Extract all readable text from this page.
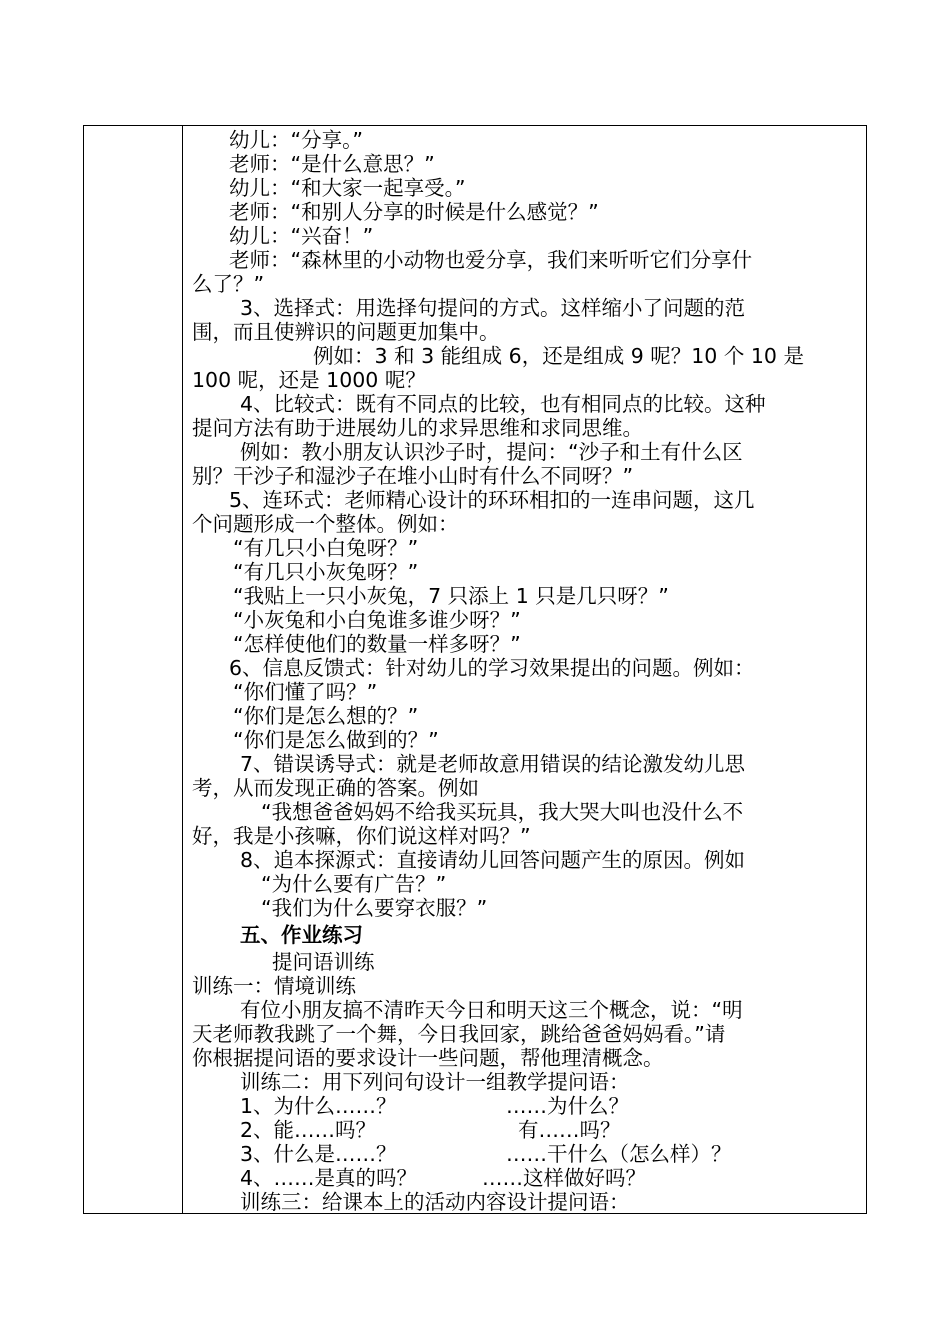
幼儿：“分享。”
老师：“是什么意思？”
幼儿：“和大家一起享受。”
老师：“和别人分享的时候是什么感觉？”
幼儿：“兴奋！”
老师：“森林里的小动物也爱分享，我们来听听它们分享什
么了？”
3、选择式：用选择句提问的方式。这样缩小了问题的范
围，而且使辨识的问题更加集中。
例如：3 和 3 能组成 6，还是组成 9 呢？10 个 10 是
100 呢，还是 1000 呢？
4、比较式：既有不同点的比较，也有相同点的比较。这种
提问方法有助于进展幼儿的求异思维和求同思维。
例如：教小朋友认识沙子时，提问：“沙子和土有什么区
别？干沙子和湿沙子在堆小山时有什么不同呀？”
5、连环式：老师精心设计的环环相扣的一连串问题，这几
个问题形成一个整体。例如：
“有几只小白兔呀？”
“有几只小灰兔呀？”
“我贴上一只小灰兔，7 只添上 1 只是几只呀？”
“小灰兔和小白兔谁多谁少呀？”
“怎样使他们的数量一样多呀？”
6、信息反馈式：针对幼儿的学习效果提出的问题。例如：
“你们懂了吗？”
“你们是怎么想的？”
“你们是怎么做到的？”
7、错误诱导式：就是老师故意用错误的结论激发幼儿思
考，从而发现正确的答案。例如
“我想爸爸妈妈不给我买玩具，我大哭大叫也没什么不
好，我是小孩嘛，你们说这样对吗？”
8、追本探源式：直接请幼儿回答问题产生的原因。例如
“为什么要有广告？”
“我们为什么要穿衣服？”
五、作业练习
提问语训练
训练一：情境训练
有位小朋友搞不清昨天今日和明天这三个概念，说：“明
天老师教我跳了一个舞，今日我回家，跳给爸爸妈妈看。”请
你根据提问语的要求设计一些问题，帮他理清概念。
训练二：用下列问句设计一组教学提问语：
1、为什么……？	……为什么？
2、能……吗？	有……吗？
3、什么是……？	……干什么（怎么样）？
4、……是真的吗？	……这样做好吗？
训练三：给课本上的活动内容设计提问语：
